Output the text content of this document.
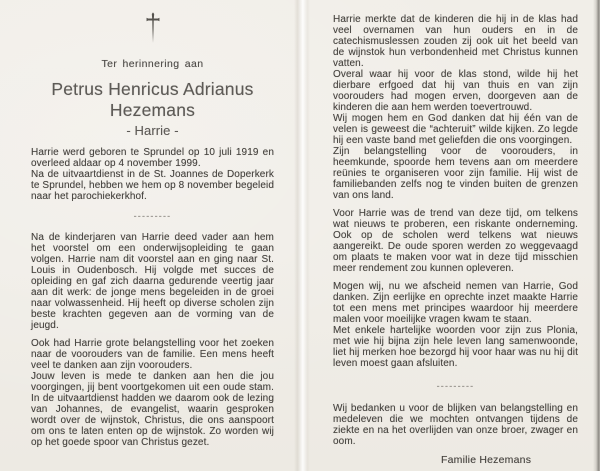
Ter herinnering aan
Petrus Henricus Adrianus
Hezemans
- Harrie -

Harrie werd geboren te Sprundel op 10 juli 1919 en overleed aldaar op 4 november 1999.

Na de uitvaartdienst in de St. Joannes de Doperkerk te Sprundel, hebben we hem op 8 november begeleid naar het parochiekerkhof.

---------

Na de kinderjaren van Harrie deed vader aan hem het voorstel om een onderwijsopleiding te gaan volgen. Harrie nam dit voorstel aan en ging naar St. Louis in Oudenbosch. Hij volgde met succes de opleiding en gaf zich daarna gedurende veertig jaar aan dit werk: de jonge mens begeleiden in de groei naar volwassenheid. Hij heeft op diverse scholen zijn beste krachten gegeven aan de vorming van de jeugd.

Ook had Harrie grote belangstelling voor het zoeken naar de voorouders van de familie. Een mens heeft veel te danken aan zijn voorouders.

Jouw leven is mede te danken aan hen die jou voorgingen, jij bent voortgekomen uit een oude stam. In de uitvaartdienst hadden we daarom ook de lezing van Johannes, de evangelist, waarin gesproken wordt over de wijnstok, Christus, die ons aanspoort om ons te laten enten op de wijnstok. Zo worden wij op het goede spoor van Christus gezet.

Harrie merkte dat de kinderen die hij in de klas had veel overnamen van hun ouders en in de catechismuslessen zouden zij ook uit het beeld van de wijnstok hun verbondenheid met Christus kunnen vatten.

Overal waar hij voor de klas stond, wilde hij het dierbare erfgoed dat hij van thuis en van zijn voorouders had mogen erven, doorgeven aan de kinderen die aan hem werden toevertrouwd.

Wij mogen hem en God danken dat hij één van de velen is geweest die “achteruit” wilde kijken. Zo legde hij een vaste band met geliefden die ons voorgingen.

Zijn belangstelling voor de voorouders, in heemkunde, spoorde hem tevens aan om meerdere reünies te organiseren voor zijn familie. Hij wist de familiebanden zelfs nog te vinden buiten de grenzen van ons land.

Voor Harrie was de trend van deze tijd, om telkens wat nieuws te proberen, een riskante onderneming. Ook op de scholen werd telkens wat nieuws aangereikt. De oude sporen werden zo weggevaagd om plaats te maken voor wat in deze tijd misschien meer rendement zou kunnen opleveren.

Mogen wij, nu we afscheid nemen van Harrie, God danken. Zijn eerlijke en oprechte inzet maakte Harrie tot een mens met principes waardoor hij meerdere malen voor moeilijke vragen kwam te staan.

Met enkele hartelijke woorden voor zijn zus Plonia, met wie hij bijna zijn hele leven lang samenwoonde, liet hij merken hoe bezorgd hij voor haar was nu hij dit leven moest gaan afsluiten.

---------

Wij bedanken u voor de blijken van belangstelling en medeleven die we mochten ontvangen tijdens de ziekte en na het overlijden van onze broer, zwager en oom.

Familie Hezemans
